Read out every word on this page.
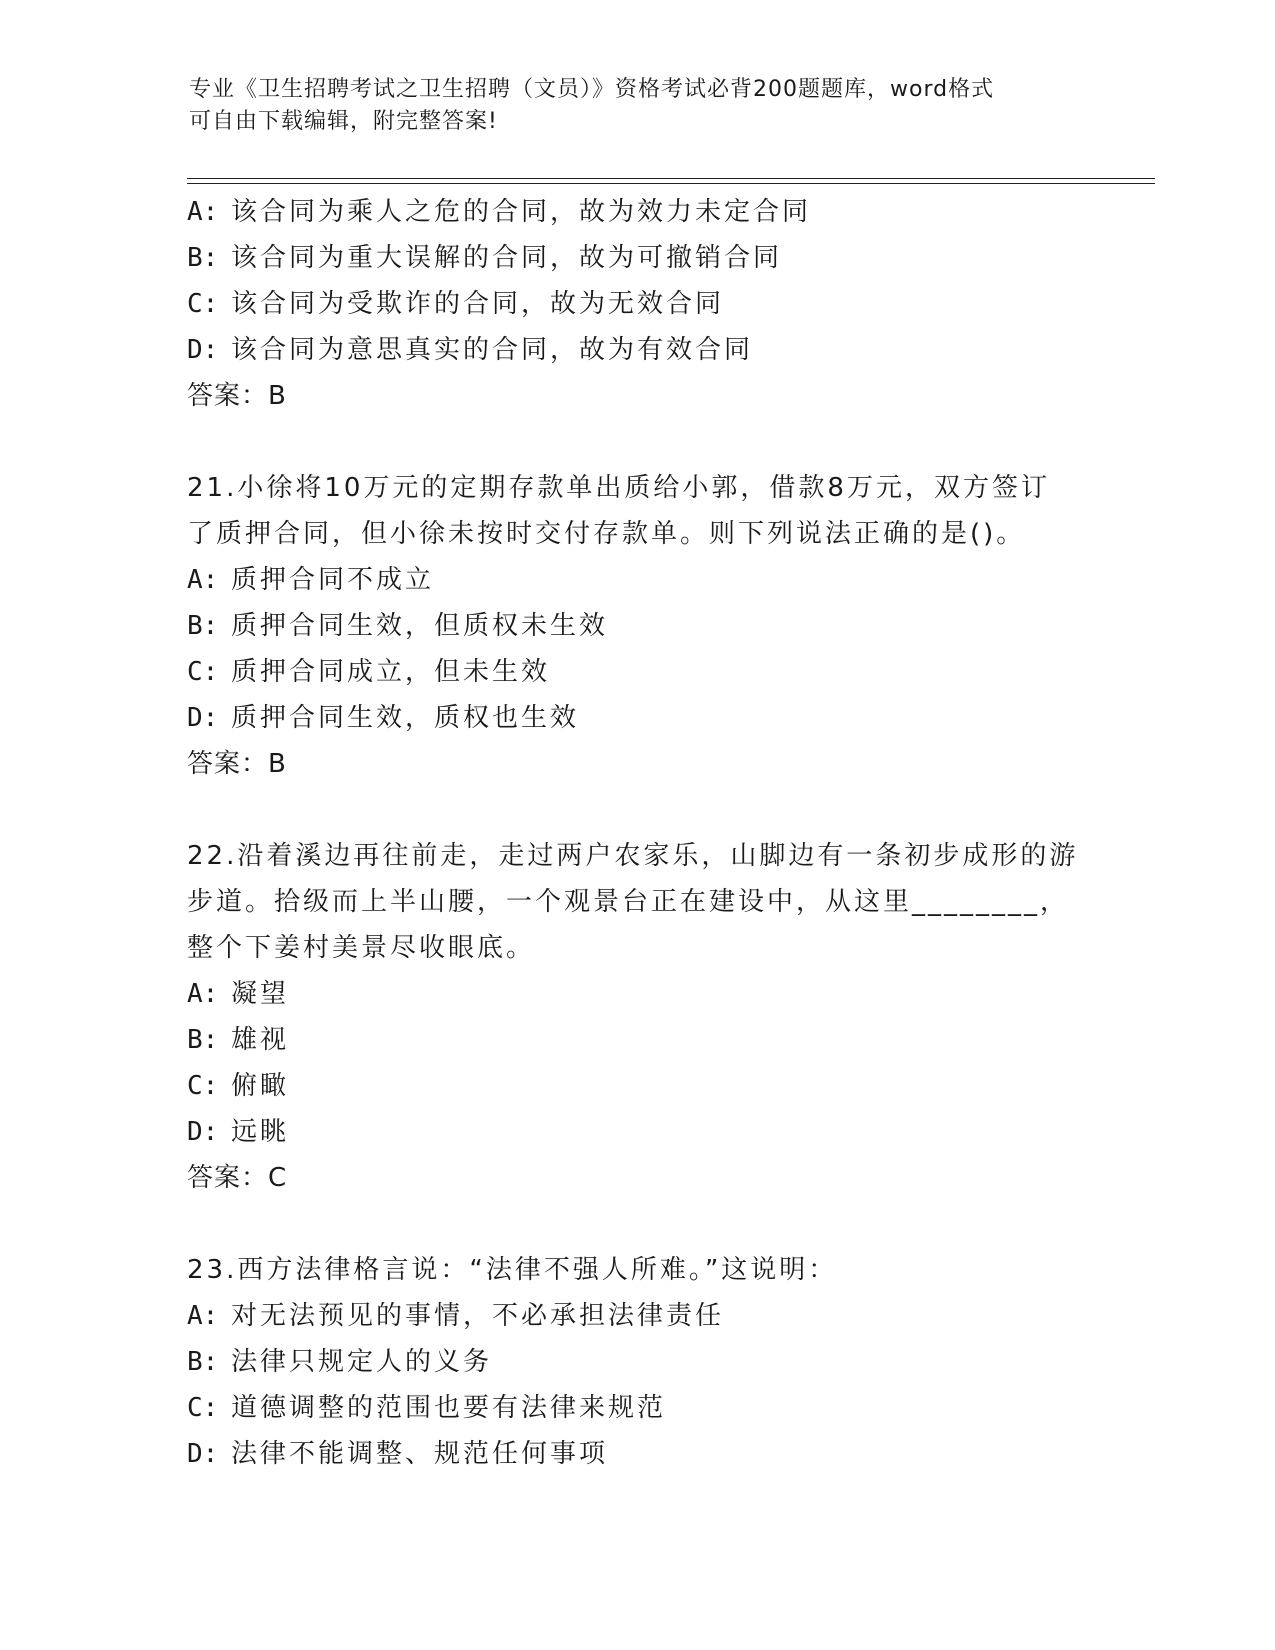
专业《卫生招聘考试之卫生招聘（文员）》资格考试必背200题题库，word格式
可自由下载编辑，附完整答案!
A: 该合同为乘人之危的合同，故为效力未定合同
B: 该合同为重大误解的合同，故为可撤销合同
C: 该合同为受欺诈的合同，故为无效合同
D: 该合同为意思真实的合同，故为有效合同
答案：B
21.小徐将10万元的定期存款单出质给小郭，借款8万元，双方签订
了质押合同，但小徐未按时交付存款单。则下列说法正确的是()。
A: 质押合同不成立
B: 质押合同生效，但质权未生效
C: 质押合同成立，但未生效
D: 质押合同生效，质权也生效
答案：B
22.沿着溪边再往前走，走过两户农家乐，山脚边有一条初步成形的游
步道。拾级而上半山腰，一个观景台正在建设中，从这里________，
整个下姜村美景尽收眼底。
A: 凝望
B: 雄视
C: 俯瞰
D: 远眺
答案：C
23.西方法律格言说：“法律不强人所难。”这说明：
A: 对无法预见的事情，不必承担法律责任
B: 法律只规定人的义务
C: 道德调整的范围也要有法律来规范
D: 法律不能调整、规范任何事项
